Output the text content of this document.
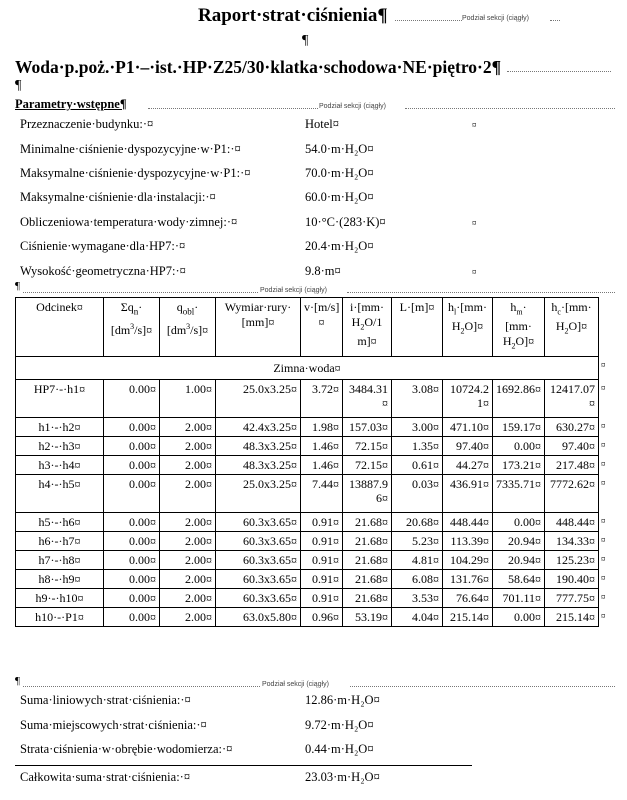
Raport·strat·ciśnienia¶	Podział sekcji (ciągły)
¶
Woda·p.poż.·P1·–·ist.·HP·Z25/30·klatka·schodowa·NE·piętro·2¶
¶
Parametry·wstępne¶	Podział sekcji (ciągły)
Przeznaczenie·budynku:·¤	Hotel¤	¤
Minimalne·ciśnienie·dyspozycyjne·w·P1:·¤	54.0·m·H₂O¤
Maksymalne·ciśnienie·dyspozycyjne·w·P1:·¤	70.0·m·H₂O¤
Maksymalne·ciśnienie·dla·instalacji:·¤	60.0·m·H₂O¤
Obliczeniowa·temperatura·wody·zimnej:·¤	10·°C·(283·K)¤	¤
Ciśnienie·wymagane·dla·HP7:·¤	20.4·m·H₂O¤
Wysokość·geometryczna·HP7:·¤	9.8·m¤	¤
¶	Podział sekcji (ciągły)
Odcinek¤	$\Sigma q_n\cdot$
$[dm^3/s]¤$	$q_{obl}\cdot$
$[dm^3/s]¤$	Wymiar·rury·
[mm]¤	v·[m/s]¤	i·[mm·
$H_2O/1$
m]¤	L·[m]¤	$h_l\cdot[mm\cdot$
$H_2O]¤$	$h_m\cdot$
[mm·
$H_2O]¤$	$h_c\cdot[mm\cdot$
$H_2O]¤$
Zimna·woda¤									
HP7·-·h1¤	0.00¤	1.00¤	25.0x3.25¤	3.72¤	3484.31¤	3.08¤	10724.21¤	1692.86¤	12417.07¤
h1·-·h2¤	0.00¤	2.00¤	42.4x3.25¤	1.98¤	157.03¤	3.00¤	471.10¤	159.17¤	630.27¤
h2·-·h3¤	0.00¤	2.00¤	48.3x3.25¤	1.46¤	72.15¤	1.35¤	97.40¤	0.00¤	97.40¤
h3·-·h4¤	0.00¤	2.00¤	48.3x3.25¤	1.46¤	72.15¤	0.61¤	44.27¤	173.21¤	217.48¤
h4·-·h5¤	0.00¤	2.00¤	25.0x3.25¤	7.44¤	13887.96¤	0.03¤	436.91¤	7335.71¤	7772.62¤
h5·-·h6¤	0.00¤	2.00¤	60.3x3.65¤	0.91¤	21.68¤	20.68¤	448.44¤	0.00¤	448.44¤
h6·-·h7¤	0.00¤	2.00¤	60.3x3.65¤	0.91¤	21.68¤	5.23¤	113.39¤	20.94¤	134.33¤
h7·-·h8¤	0.00¤	2.00¤	60.3x3.65¤	0.91¤	21.68¤	4.81¤	104.29¤	20.94¤	125.23¤
h8·-·h9¤	0.00¤	2.00¤	60.3x3.65¤	0.91¤	21.68¤	6.08¤	131.76¤	58.64¤	190.40¤
h9·-·h10¤	0.00¤	2.00¤	60.3x3.65¤	0.91¤	21.68¤	3.53¤	76.64¤	701.11¤	777.75¤
h10·-·P1¤	0.00¤	2.00¤	63.0x5.80¤	0.96¤	53.19¤	4.04¤	215.14¤	0.00¤	215.14¤
¤
¤
¤
¤
¤
¤
¤
¤
¤
¤
¤
¤
¶	Podział sekcji (ciągły)
Suma·liniowych·strat·ciśnienia:·¤	12.86·m·H₂O¤
Suma·miejscowych·strat·ciśnienia:·¤	9.72·m·H₂O¤
Strata·ciśnienia·w·obrębie·wodomierza:·¤	0.44·m·H₂O¤
Całkowita·suma·strat·ciśnienia:·¤	23.03·m·H₂O¤
